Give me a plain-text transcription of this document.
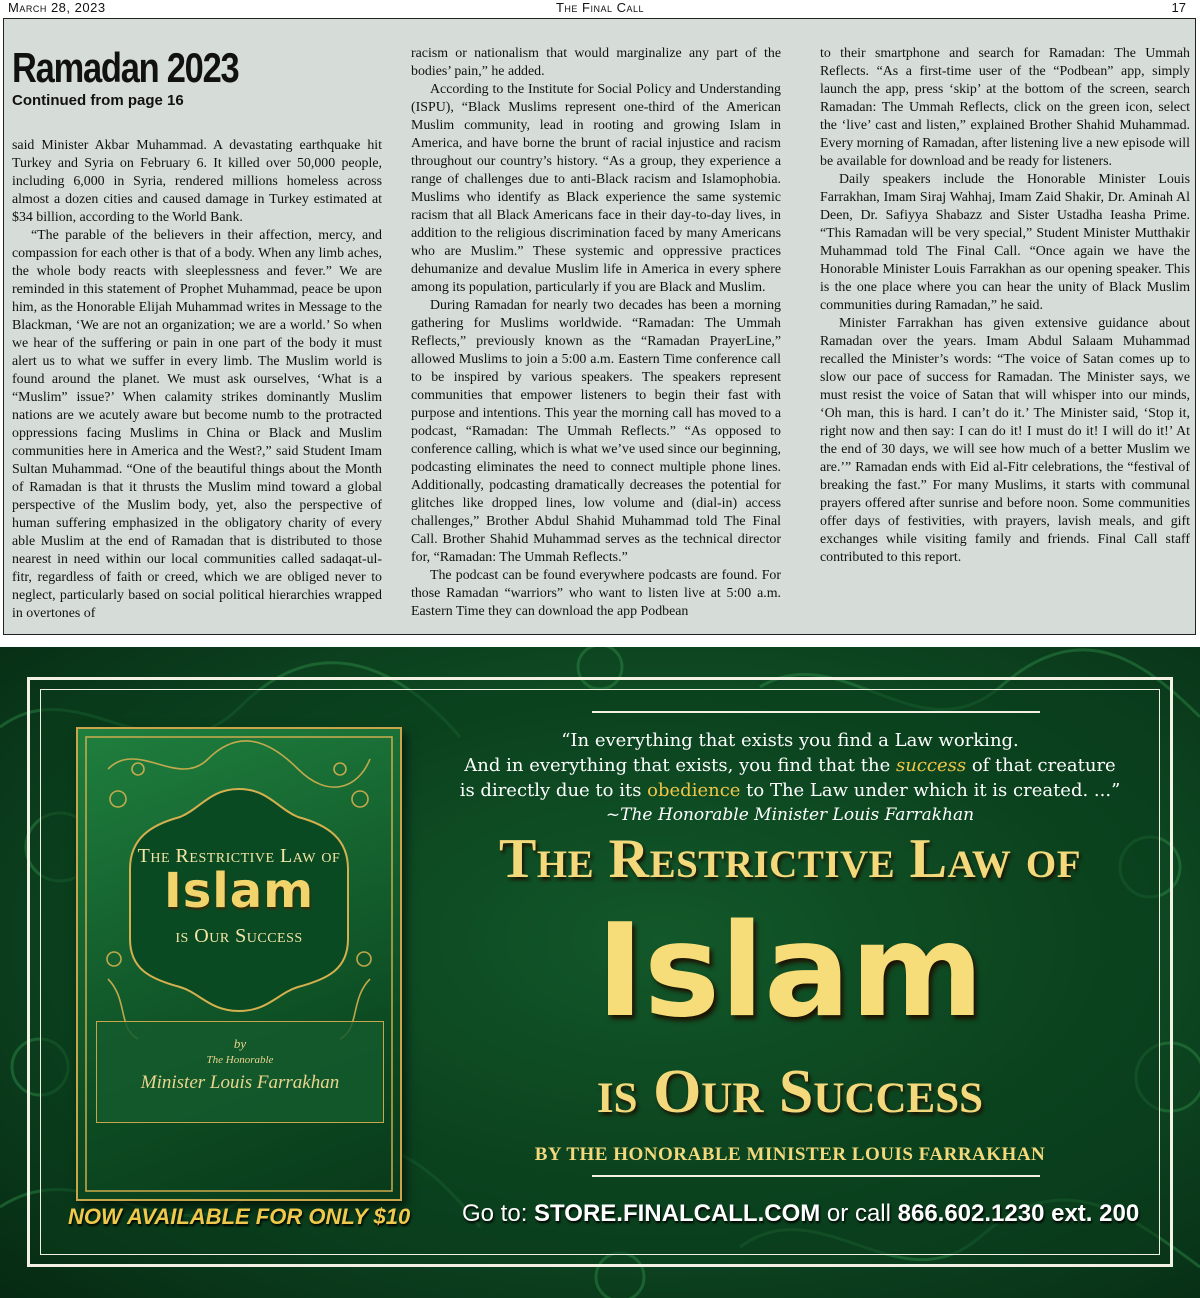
March 28, 2023	The Final Call	17
Ramadan 2023
Continued from page 16

said Minister Akbar Muhammad. A devastating earthquake hit Turkey and Syria on February 6. It killed over 50,000 people, including 6,000 in Syria, rendered millions homeless across almost a dozen cities and caused damage in Turkey estimated at $34 billion, according to the World Bank.

“The parable of the believers in their affection, mercy, and compassion for each other is that of a body. When any limb aches, the whole body reacts with sleeplessness and fever.” We are reminded in this statement of Prophet Muhammad, peace be upon him, as the Honorable Elijah Muhammad writes in Message to the Blackman, ‘We are not an organization; we are a world.’ So when we hear of the suffering or pain in one part of the body it must alert us to what we suffer in every limb. The Muslim world is found around the planet. We must ask ourselves, ‘What is a “Muslim” issue?’ When calamity strikes dominantly Muslim nations are we acutely aware but become numb to the protracted oppressions facing Muslims in China or Black and Muslim communities here in America and the West?,” said Student Imam Sultan Muhammad. “One of the beautiful things about the Month of Ramadan is that it thrusts the Muslim mind toward a global perspective of the Muslim body, yet, also the perspective of human suffering emphasized in the obligatory charity of every able Muslim at the end of Ramadan that is distributed to those nearest in need within our local communities called sadaqat-ul-fitr, regardless of faith or creed, which we are obliged never to neglect, particularly based on social political hierarchies wrapped in overtones of

racism or nationalism that would marginalize any part of the bodies’ pain,” he added.

According to the Institute for Social Policy and Understanding (ISPU), “Black Muslims represent one-third of the American Muslim community, lead in rooting and growing Islam in America, and have borne the brunt of racial injustice and racism throughout our country’s history. “As a group, they experience a range of challenges due to anti-Black racism and Islamophobia. Muslims who identify as Black experience the same systemic racism that all Black Americans face in their day-to-day lives, in addition to the religious discrimination faced by many Americans who are Muslim.” These systemic and oppressive practices dehumanize and devalue Muslim life in America in every sphere among its population, particularly if you are Black and Muslim.

During Ramadan for nearly two decades has been a morning gathering for Muslims worldwide. “Ramadan: The Ummah Reflects,” previously known as the “Ramadan PrayerLine,” allowed Muslims to join a 5:00 a.m. Eastern Time conference call to be inspired by various speakers. The speakers represent communities that empower listeners to begin their fast with purpose and intentions. This year the morning call has moved to a podcast, “Ramadan: The Ummah Reflects.” “As opposed to conference calling, which is what we’ve used since our beginning, podcasting eliminates the need to connect multiple phone lines. Additionally, podcasting dramatically decreases the potential for glitches like dropped lines, low volume and (dial-in) access challenges,” Brother Abdul Shahid Muhammad told The Final Call. Brother Shahid Muhammad serves as the technical director for, “Ramadan: The Ummah Reflects.”

The podcast can be found everywhere podcasts are found. For those Ramadan “warriors” who want to listen live at 5:00 a.m. Eastern Time they can download the app Podbean

to their smartphone and search for Ramadan: The Ummah Reflects. “As a first-time user of the “Podbean” app, simply launch the app, press ‘skip’ at the bottom of the screen, search Ramadan: The Ummah Reflects, click on the green icon, select the ‘live’ cast and listen,” explained Brother Shahid Muhammad. Every morning of Ramadan, after listening live a new episode will be available for download and be ready for listeners.

Daily speakers include the Honorable Minister Louis Farrakhan, Imam Siraj Wahhaj, Imam Zaid Shakir, Dr. Aminah Al Deen, Dr. Safiyya Shabazz and Sister Ustadha Ieasha Prime. “This Ramadan will be very special,” Student Minister Mutthakir Muhammad told The Final Call. “Once again we have the Honorable Minister Louis Farrakhan as our opening speaker. This is the one place where you can hear the unity of Black Muslim communities during Ramadan,” he said.

Minister Farrakhan has given extensive guidance about Ramadan over the years. Imam Abdul Salaam Muhammad recalled the Minister’s words: “The voice of Satan comes up to slow our pace of success for Ramadan. The Minister says, we must resist the voice of Satan that will whisper into our minds, ‘Oh man, this is hard. I can’t do it.’ The Minister said, ‘Stop it, right now and then say: I can do it! I must do it! I will do it!’ At the end of 30 days, we will see how much of a better Muslim we are.’” Ramadan ends with Eid al-Fitr celebrations, the “festival of breaking the fast.” For many Muslims, it starts with communal prayers offered after sunrise and before noon. Some communities offer days of festivities, with prayers, lavish meals, and gift exchanges while visiting family and friends. Final Call staff contributed to this report.

The Restrictive Law of
Islam
is Our Success
by
The Honorable
Minister Louis Farrakhan
“In everything that exists you find a Law working.
And in everything that exists, you find that the success of that creature
is directly due to its obedience to The Law under which it is created. ...”
~The Honorable Minister Louis Farrakhan
The Restrictive Law of
Islam
is Our Success
BY THE HONORABLE MINISTER LOUIS FARRAKHAN
NOW AVAILABLE FOR ONLY $10 Go to: STORE.FINALCALL.COM or call 866.602.1230 ext. 200
